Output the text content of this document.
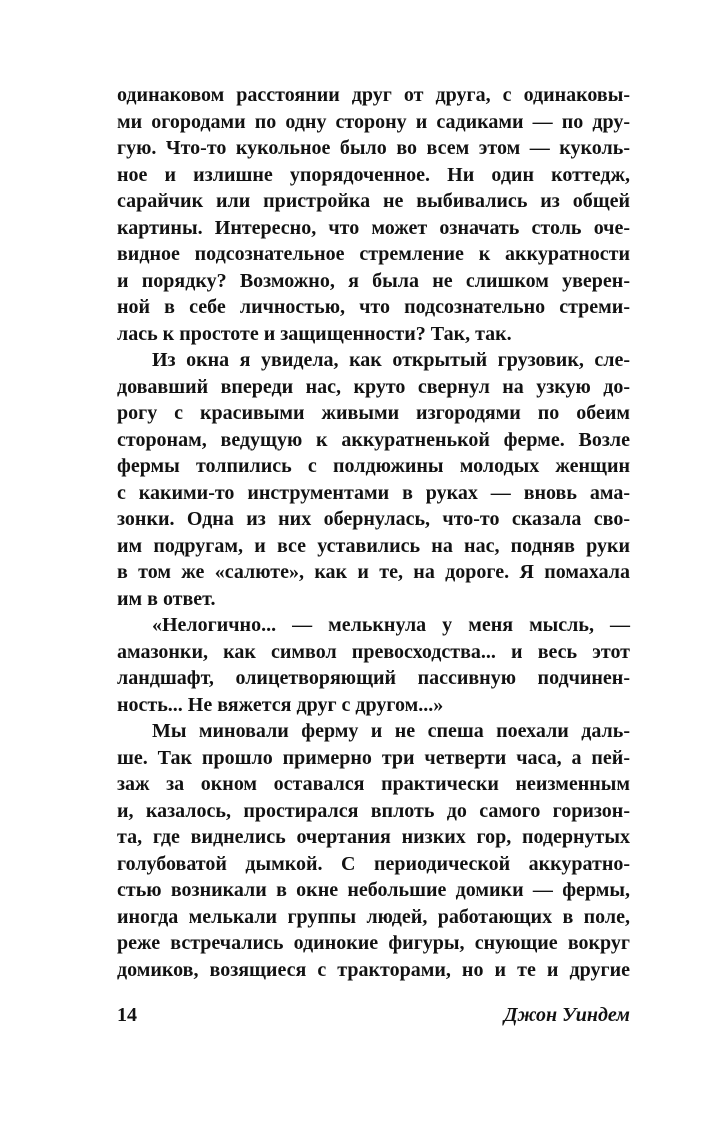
одинаковом расстоянии друг от друга, с одинаковы-
ми огородами по одну сторону и садиками — по дру-
гую. Что-то кукольное было во всем этом — куколь-
ное и излишне упорядоченное. Ни один коттедж,
сарайчик или пристройка не выбивались из общей
картины. Интересно, что может означать столь оче-
видное подсознательное стремление к аккуратности
и порядку? Возможно, я была не слишком уверен-
ной в себе личностью, что подсознательно стреми-
лась к простоте и защищенности? Так, так.
Из окна я увидела, как открытый грузовик, сле-
довавший впереди нас, круто свернул на узкую до-
рогу с красивыми живыми изгородями по обеим
сторонам, ведущую к аккуратненькой ферме. Возле
фермы толпились с полдюжины молодых женщин
с какими-то инструментами в руках — вновь ама-
зонки. Одна из них обернулась, что-то сказала сво-
им подругам, и все уставились на нас, подняв руки
в том же «салюте», как и те, на дороге. Я помахала
им в ответ.
«Нелогично... — мелькнула у меня мысль, —
амазонки, как символ превосходства... и весь этот
ландшафт, олицетворяющий пассивную подчинен-
ность... Не вяжется друг с другом...»
Мы миновали ферму и не спеша поехали даль-
ше. Так прошло примерно три четверти часа, а пей-
заж за окном оставался практически неизменным
и, казалось, простирался вплоть до самого горизон-
та, где виднелись очертания низких гор, подернутых
голубоватой дымкой. С периодической аккуратно-
стью возникали в окне небольшие домики — фермы,
иногда мелькали группы людей, работающих в поле,
реже встречались одинокие фигуры, снующие вокруг
домиков, возящиеся с тракторами, но и те и другие
14	Джон Уиндем
